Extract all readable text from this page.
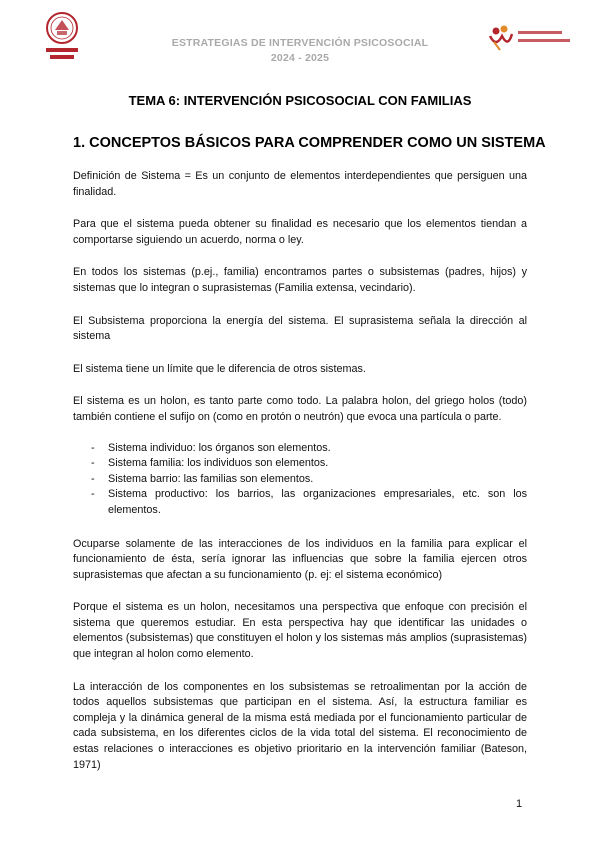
ESTRATEGIAS DE INTERVENCIÓN PSICOSOCIAL
2024 - 2025
TEMA 6: INTERVENCIÓN PSICOSOCIAL CON FAMILIAS
1. CONCEPTOS BÁSICOS PARA COMPRENDER COMO UN SISTEMA

Definición de Sistema = Es un conjunto de elementos interdependientes que persiguen una finalidad.

Para que el sistema pueda obtener su finalidad es necesario que los elementos tiendan a comportarse siguiendo un acuerdo, norma o ley.

En todos los sistemas (p.ej., familia) encontramos partes o subsistemas (padres, hijos) y sistemas que lo integran o suprasistemas (Familia extensa, vecindario).

El Subsistema proporciona la energía del sistema. El suprasistema señala la dirección al sistema

El sistema tiene un límite que le diferencia de otros sistemas.

El sistema es un holon, es tanto parte como todo. La palabra holon, del griego holos (todo) también contiene el sufijo on (como en protón o neutrón) que evoca una partícula o parte.

- Sistema individuo: los órganos son elementos.
- Sistema familia: los individuos son elementos.
- Sistema barrio: las familias son elementos.
- Sistema productivo: los barrios, las organizaciones empresariales, etc. son los elementos.

Ocuparse solamente de las interacciones de los individuos en la familia para explicar el funcionamiento de ésta, sería ignorar las influencias que sobre la familia ejercen otros suprasistemas que afectan a su funcionamiento (p. ej: el sistema económico)

Porque el sistema es un holon, necesitamos una perspectiva que enfoque con precisión el sistema que queremos estudiar. En esta perspectiva hay que identificar las unidades o elementos (subsistemas) que constituyen el holon y los sistemas más amplios (suprasistemas) que integran al holon como elemento.

La interacción de los componentes en los subsistemas se retroalimentan por la acción de todos aquellos subsistemas que participan en el sistema. Así, la estructura familiar es compleja y la dinámica general de la misma está mediada por el funcionamiento particular de cada subsistema, en los diferentes ciclos de la vida total del sistema. El reconocimiento de estas relaciones o interacciones es objetivo prioritario en la intervención familiar (Bateson, 1971)

1
